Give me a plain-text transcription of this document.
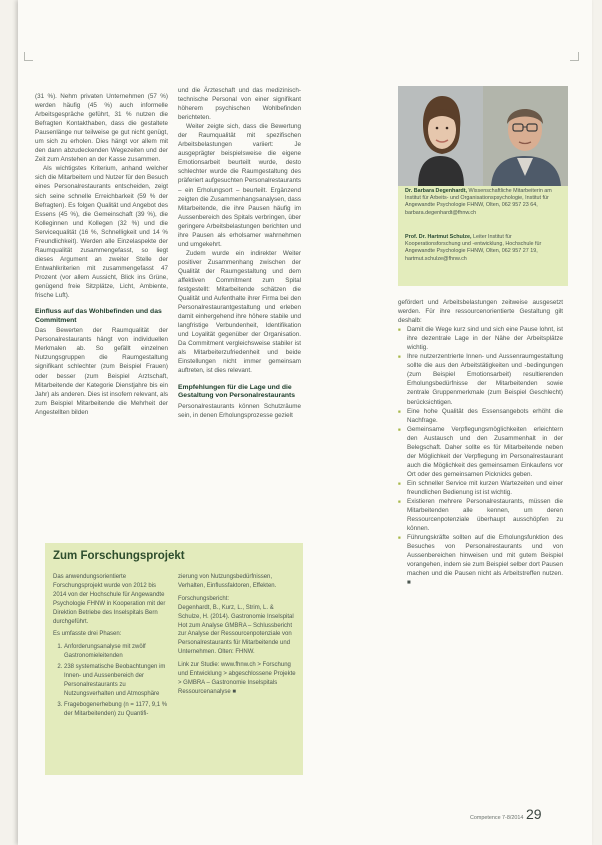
(31 %). Nehm privaten Unternehmen (57 %) werden häufig (45 %) auch informelle Arbeitsgespräche geführt, 31 % nutzen die Befragten Kontakthaben, dass die gestaltete Pausenlänge nur teilweise ge gut nicht genügt, um sich zu erholen. Dies hängt vor allem mit den dann abzudeckenden Wegezeiten und der Zeit zum Anstehen an der Kasse zusammen.

Als wichtigstes Kriterium, anhand welcher sich die Mitarbeitern und Nutzer für den Besuch eines Personalrestaurants entscheiden, zeigt sich seine schnelle Erreichbarkeit (59 % der Befragten). Es folgen Qualität und Angebot des Essens (45 %), die Gemeinschaft (39 %), die Kolleginnen und Kollegen (32 %) und die Servicequalität (16 %, Schnelligkeit und 14 % Freundlichkeit). Werden alle Einzelaspekte der Raumqualität zusammengefasst, so liegt dieses Argument an zweiter Stelle der Entwahlkriterien mit zusammengefasst 47 Prozent (vor allem Aussicht, Blick ins Grüne, genügend freie Sitzplätze, Licht, Ambiente, frische Luft).

Einfluss auf das Wohlbefinden und das Commitment

Das Bewerten der Raumqualität der Personalrestaurants hängt von individuellen Merkmalen ab. So gefällt einzelnen Nutzungsgruppen die Raumgestaltung signifikant schlechter (zum Beispiel Frauen) oder besser (zum Beispiel Arztschaft, Mitarbeitende der Kategorie Dienstjahre bis ein Jahr) als anderen. Dies ist insofern relevant, als zum Beispiel Mitarbeitende die Mehrheit der Angestellten bilden

und die Ärzteschaft und das medizinisch-technische Personal von einer signifikant höherem psychischen Wohlbefinden berichteten.

Weiter zeigte sich, dass die Bewertung der Raumqualität mit spezifischen Arbeitsbelastungen variiert: Je ausgeprägter beispielsweise die eigene Emotionsarbeit beurteilt wurde, desto schlechter wurde die Raumgestaltung des präferiert aufgesuchten Personalrestaurants – ein Erholungsort – beurteilt. Ergänzend zeigten die Zusammenhangsanalysen, dass Mitarbeitende, die ihre Pausen häufig im Aussenbereich des Spitals verbringen, über geringere Arbeitsbelastungen berichten und ihre Pausen als erholsamer wahrnehmen und umgekehrt.

Zudem wurde ein indirekter Weiter positiver Zusammenhang zwischen der Qualität der Raumgestaltung und dem affektiven Commitment zum Spital festgestellt: Mitarbeitende schätzen die Qualität und Aufenthalte ihrer Firma bei den Personalrestaurantgestaltung und erleben damit einhergehend ihre höhere stabile und langfristige Verbundenheit, Identifikation und Loyalität gegenüber der Organisation. Da Commitment vergleichsweise stabiler ist als Mitarbeiterzufriedenheit und beide Einstellungen nicht immer gemeinsam auftreten, ist dies relevant.

Empfehlungen für die Lage und die Gestaltung von Personalrestaurants

Personalrestaurants können Schutzräume sein, in denen Erholungsprozesse gezielt

Dr. Barbara Degenhardt, Wissenschaftliche Mitarbeiterin am Institut für Arbeits- und Organisationspsychologie, Institut für Angewandte Psychologie FHNW, Olten, 062 957 23 64, barbara.degenhardt@fhnw.ch
Prof. Dr. Hartmut Schulze, Leiter Institut für Kooperationsforschung und -entwicklung, Hochschule für Angewandte Psychologie FHNW, Olten, 062 957 27 19, hartmut.schulze@fhnw.ch

gefördert und Arbeitsbelastungen zeitweise ausgesetzt werden. Für ihre ressourcenorientierte Gestaltung gilt deshalb:

■ Damit die Wege kurz sind und sich eine Pause lohnt, ist ihre dezentrale Lage in der Nähe der Arbeitsplätze wichtig.
■ Ihre nutzerzentrierte Innen- und Aussenraumgestaltung sollte die aus den Arbeitstätigkeiten und -bedingungen (zum Beispiel Emotionsarbeit) resultierenden Erholungsbedürfnisse der Mitarbeitenden sowie zentrale Gruppenmerkmale (zum Beispiel Geschlecht) berücksichtigen.
■ Eine hohe Qualität des Essensangebots erhöht die Nachfrage.
■ Gemeinsame Verpflegungsmöglichkeiten erleichtern den Austausch und den Zusammenhalt in der Belegschaft. Daher sollte es für Mitarbeitende neben der Möglichkeit der Verpflegung im Personalrestaurant auch die Möglichkeit des gemeinsamen Einkaufens vor Ort oder des gemeinsamen Picknicks geben.
■ Ein schneller Service mit kurzen Wartezeiten und einer freundlichen Bedienung ist ist wichtig.
■ Existieren mehrere Personalrestaurants, müssen die Mitarbeitenden alle kennen, um deren Ressourcenpotenziale überhaupt ausschöpfen zu können.
■ Führungskräfte sollten auf die Erholungsfunktion des Besuches von Personalrestaurants und von Aussenbereichen hinweisen und mit gutem Beispiel vorangehen, indem sie zum Beispiel selber dort Pausen machen und die Pausen nicht als Arbeitstreffen nutzen. ■
Zum Forschungsprojekt

Das anwendungsorientierte Forschungsprojekt wurde von 2012 bis 2014 von der Hochschule für Angewandte Psychologie FHNW in Kooperation mit der Direktion Betriebe des Inselspitals Bern durchgeführt.

Es umfasste drei Phasen:

1. Anforderungsanalyse mit zwölf Gastronomieleitenden
2. 238 systematische Beobachtungen im Innen- und Aussenbereich der Personalrestaurants zu Nutzungsverhalten und Atmosphäre
3. Fragebogenerhebung (n = 1177, 9,1 % der Mitarbeitenden) zu Quantifi-

zierung von Nutzungsbedürfnissen, Verhalten, Einflussfaktoren, Effekten.

Forschungsbericht:

Degenhardt, B., Kurz, L., Strim, L. & Schulze, H. (2014). Gastronomie Inselspital Hot zum Analyse GMBRA – Schlussbericht zur Analyse der Ressourcenpotenziale von Personalrestaurants für Mitarbeitende und Unternehmen. Olten: FHNW.

Link zur Studie: www.fhnw.ch > Forschung und Entwicklung > abgeschlossene Projekte > GMBRA – Gastronomie Inselspitals Ressourcenanalyse ■

Competence 7-8/2014 29
